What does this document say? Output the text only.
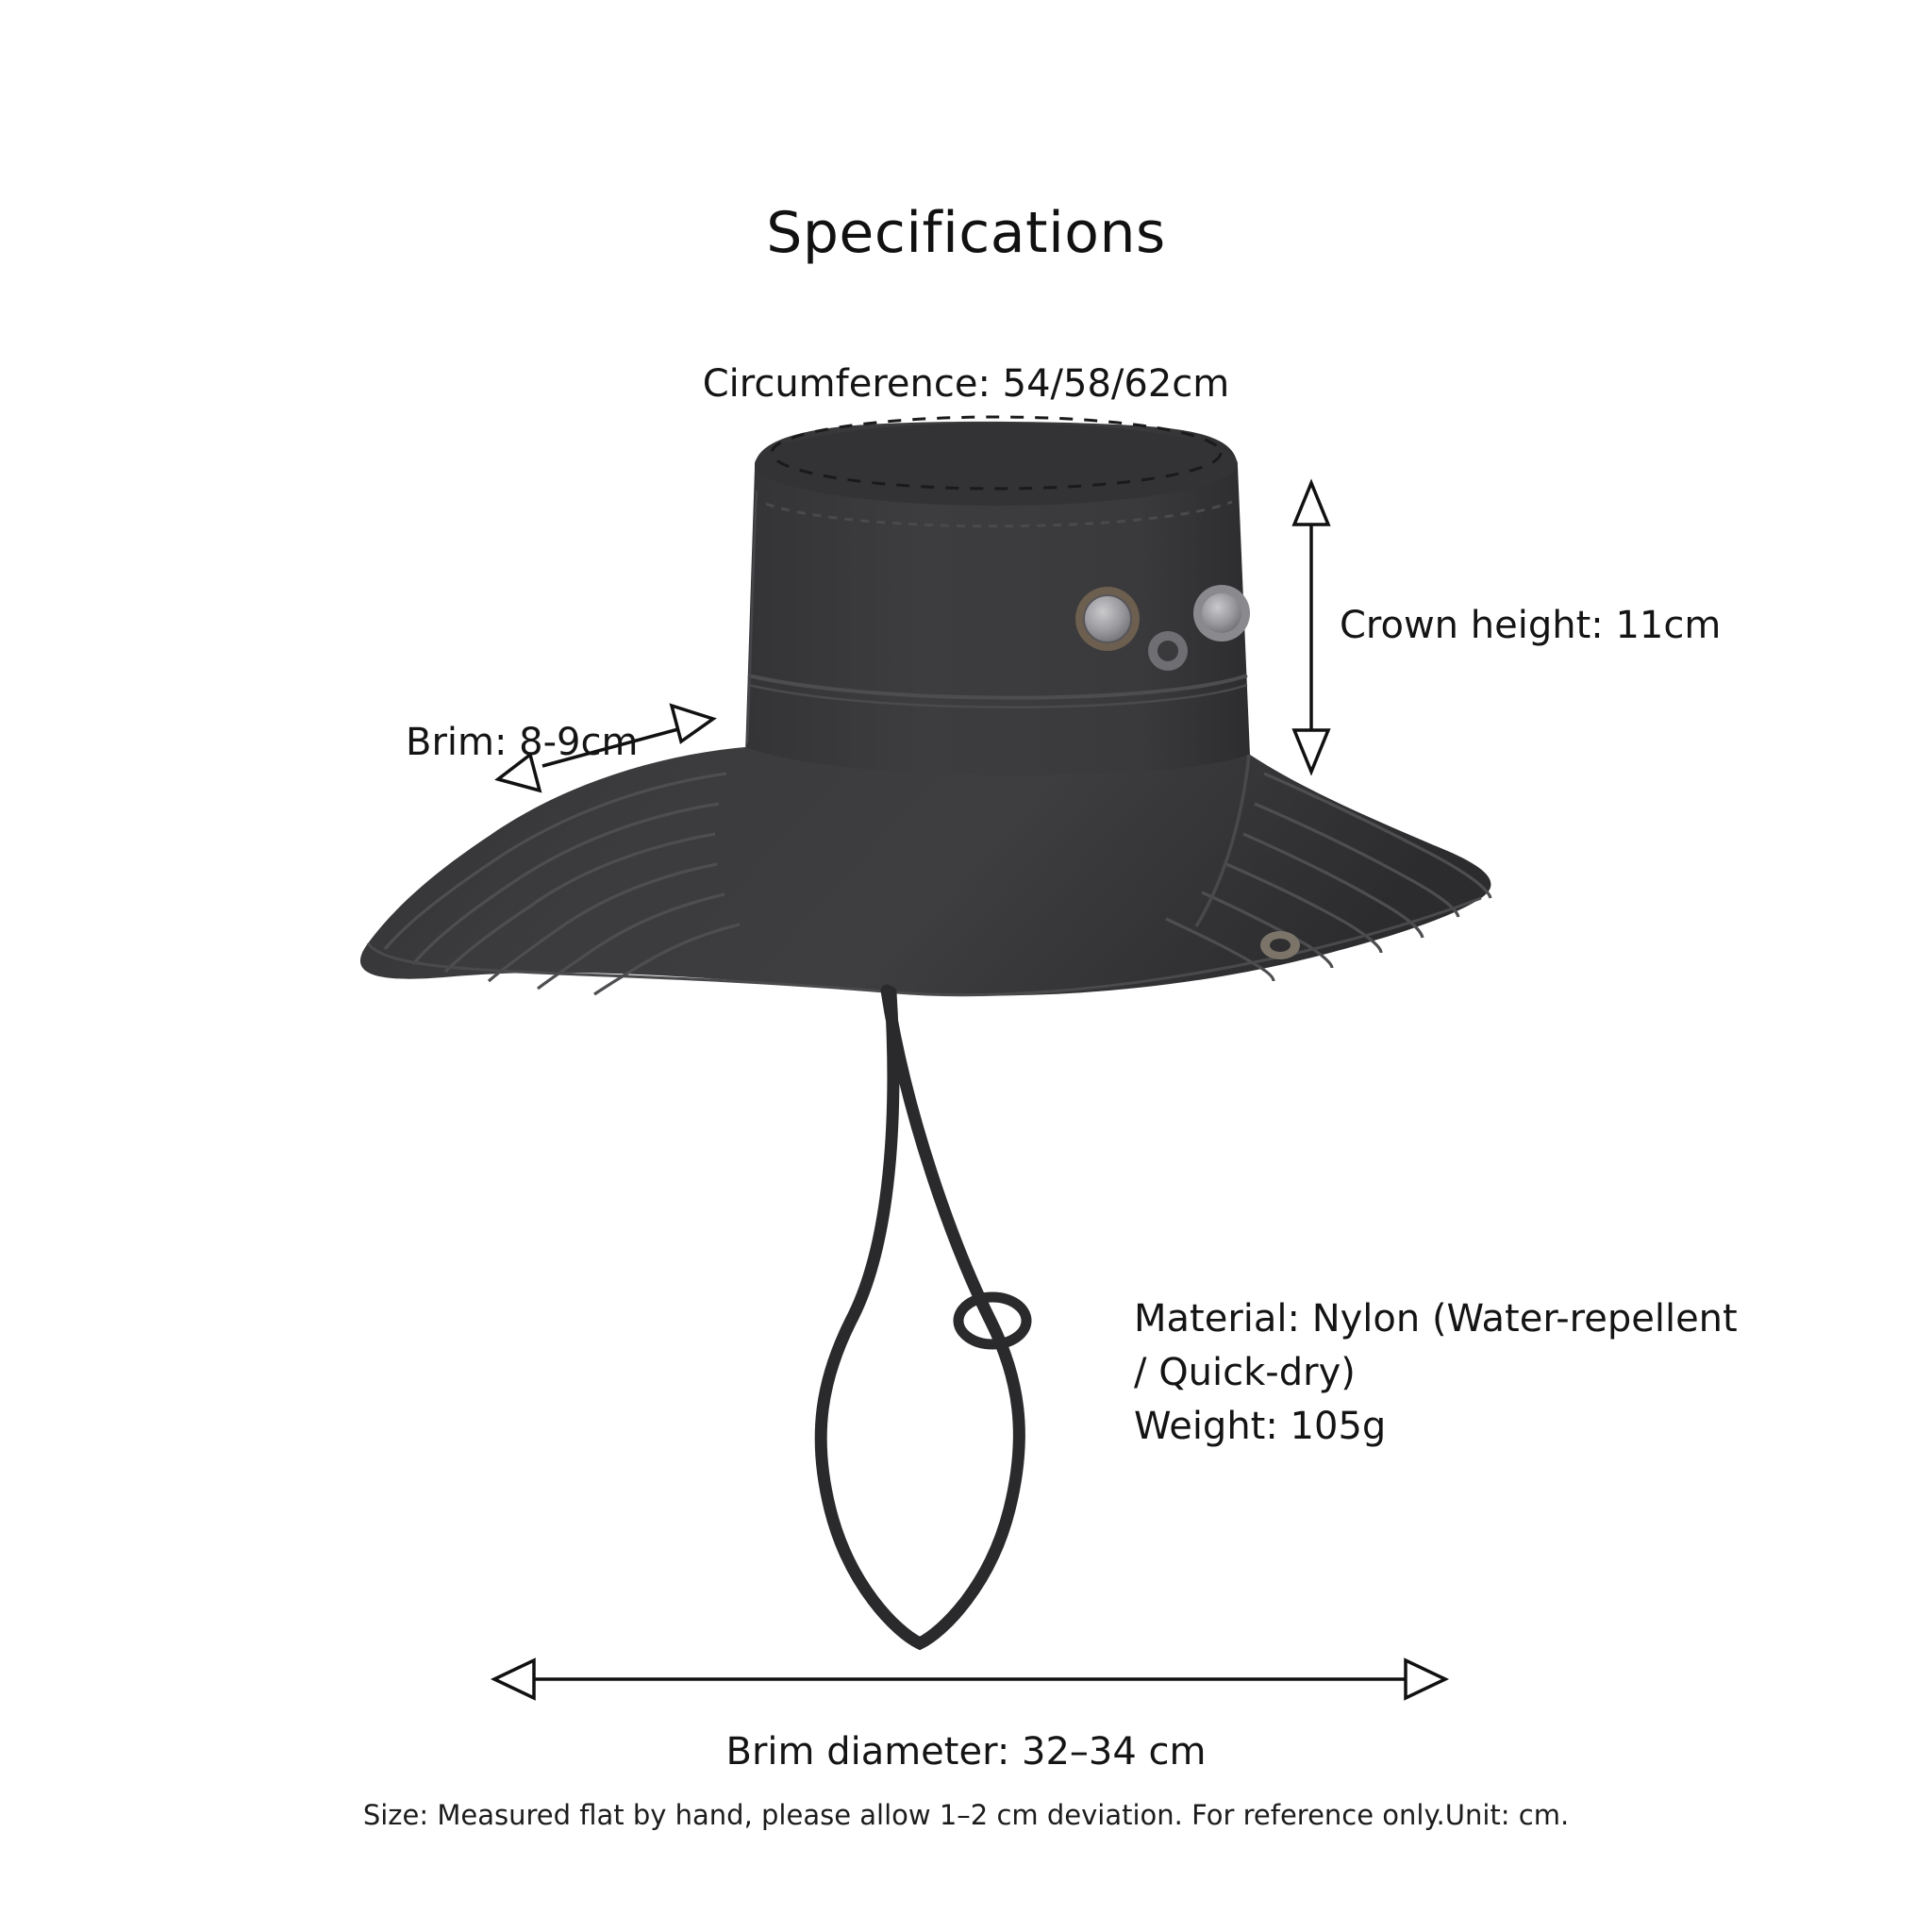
Specifications
Circumference: 54/58/62cm
Crown height: 11cm
Brim: 8-9cm
Material: Nylon (Water-repellent
/ Quick-dry)
Weight: 105g
Brim diameter: 32–34 cm
Size: Measured flat by hand, please allow 1–2 cm deviation. For reference only.Unit: cm.
